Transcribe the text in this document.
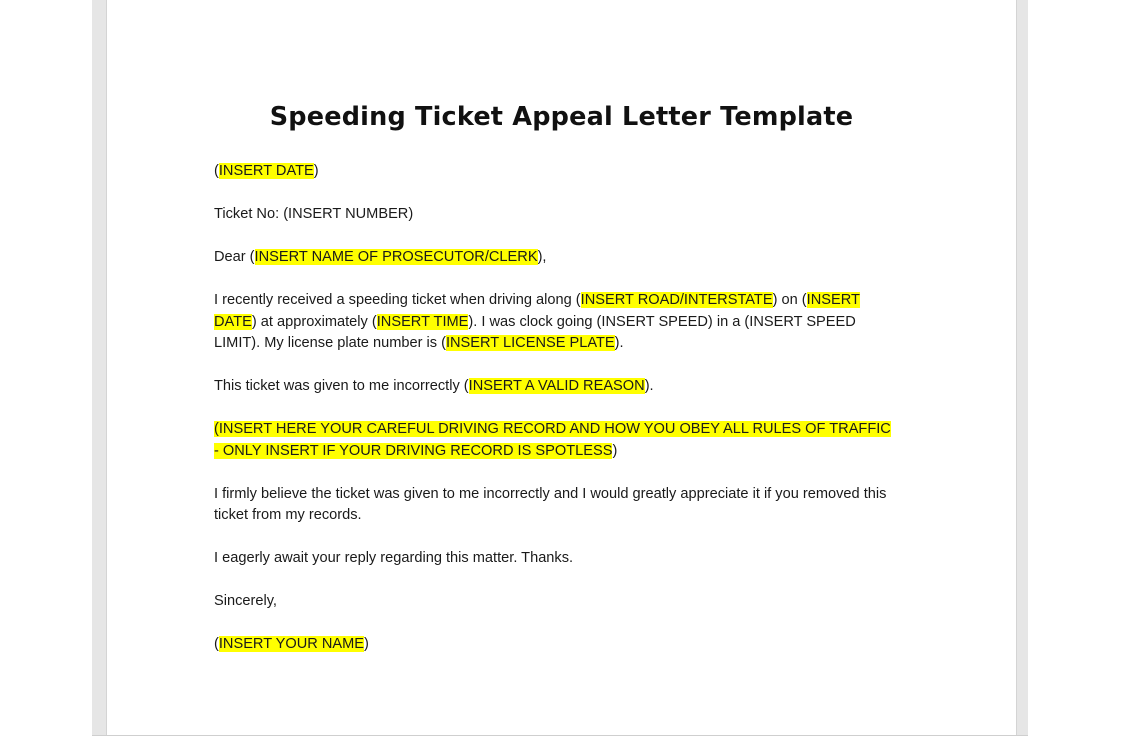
Speeding Ticket Appeal Letter Template

(INSERT DATE)

Ticket No: (INSERT NUMBER)

Dear (INSERT NAME OF PROSECUTOR/CLERK),

I recently received a speeding ticket when driving along (INSERT ROAD/INTERSTATE) on (INSERT DATE) at approximately (INSERT TIME). I was clock going (INSERT SPEED) in a (INSERT SPEED LIMIT). My license plate number is (INSERT LICENSE PLATE).

This ticket was given to me incorrectly (INSERT A VALID REASON).

(INSERT HERE YOUR CAREFUL DRIVING RECORD AND HOW YOU OBEY ALL RULES OF TRAFFIC - ONLY INSERT IF YOUR DRIVING RECORD IS SPOTLESS)

I firmly believe the ticket was given to me incorrectly and I would greatly appreciate it if you removed this ticket from my records.

I eagerly await your reply regarding this matter. Thanks.

Sincerely,

(INSERT YOUR NAME)
